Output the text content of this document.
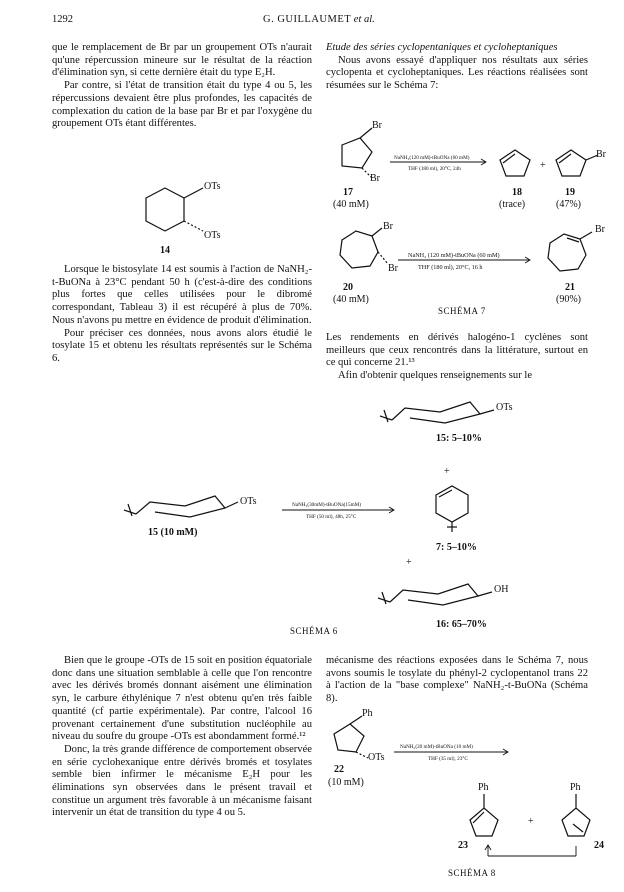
1292	G. GUILLAUMET et al.

que le remplacement de Br par un groupement OTs n'aurait qu'une répercussion mineure sur le résultat de la réaction d'élimination syn, si cette dernière était du type E₂H.

Par contre, si l'état de transition était du type 4 ou 5, les répercussions devaient être plus profondes, les capacités de complexation du cation de la base par Br et par l'oxygène du groupement OTs étant différentes.

OTs
OTs
14

Lorsque le bistosylate 14 est soumis à l'action de NaNH₂-t-BuONa à 23°C pendant 50 h (c'est-à-dire des conditions plus fortes que celles utilisées pour le dibromé correspondant, Tableau 3) il est récupéré à plus de 70%. Nous n'avons pu mettre en évidence de produit d'élimination.

Pour préciser ces données, nous avons alors étudié le tosylate 15 et obtenu les résultats représentés sur le Schéma 6.

Etude des séries cyclopentaniques et cycloheptaniques

Nous avons essayé d'appliquer nos résultats aux séries cyclopenta et cycloheptaniques. Les réactions réalisées sont résumées sur le Schéma 7:

Br
Br
NaNH₂(120 mM)-tBuONa (60 mM)
THF (180 ml), 20°C, 24h	+
Br
17
(40 mM)
18
(trace)
19
(47%)
Br
Br
NaNH₂ (120 mM)-tBuONa (60 mM)
THF (180 ml), 20°C, 16 h
Br
20
(40 mM)
21
(90%)
SCHÉMA 7

Les rendements en dérivés halogéno-1 cyclènes sont meilleurs que ceux rencontrés dans la littérature, surtout en ce qui concerne 21.¹³

Afin d'obtenir quelques renseignements sur le

OTs
15: 5–10%
+
OTs
15 (10 mM)
NaNH₂(30mM)-tBuONa(15mM)
THF (50 ml), 48h, 25°C
7: 5–10%
+
OH
SCHÉMA 6
16: 65–70%

Bien que le groupe -OTs de 15 soit en position équatoriale donc dans une situation semblable à celle que l'on rencontre avec les dérivés bromés donnant aisément une élimination syn, le carbure éthylénique 7 n'est obtenu qu'en très faible quantité (cf partie expérimentale). Par contre, l'alcool 16 provenant certainement d'une substitution nucléophile au niveau du soufre du groupe -OTs est abondamment formé.¹²

Donc, la très grande différence de comportement observée en série cyclohexanique entre dérivés bromés et tosylates semble bien infirmer le mécanisme E₂H pour les éliminations syn observées dans le présent travail et constitue un argument très favorable à un mécanisme faisant intervenir un état de transition du type 4 ou 5.

mécanisme des réactions exposées dans le Schéma 7, nous avons soumis le tosylate du phényl-2 cyclopentanol trans 22 à l'action de la "base complexe" NaNH₂-t-BuONa (Schéma 8).

Ph
OTs
NaNH₂(20 mM)-tBuONa (10 mM)
THF (35 ml), 23°C
22
(10 mM)	Ph	Ph
+
23	24
SCHÉMA 8
